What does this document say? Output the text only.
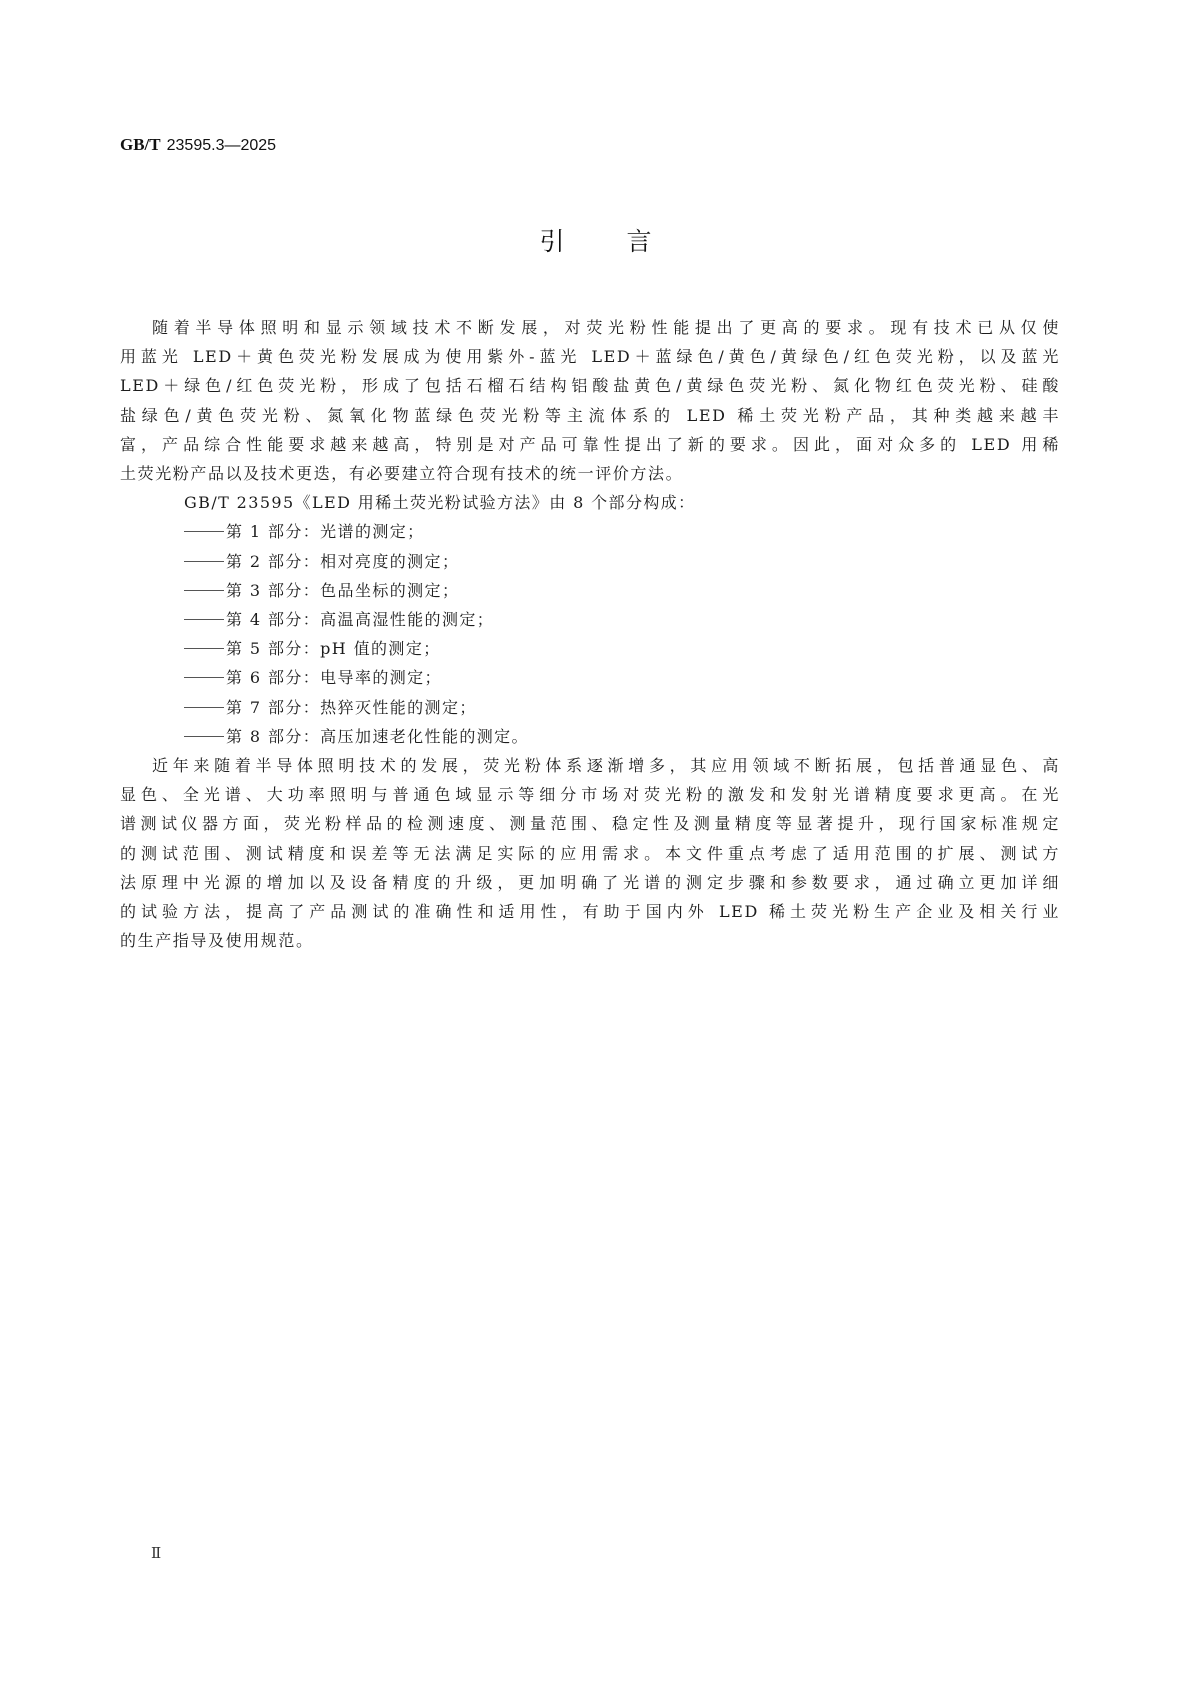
GB/T 23595.3—2025
引 言
随着半导体照明和显示领域技术不断发展，对荧光粉性能提出了更高的要求。现有技术已从仅使
用蓝光 LED＋黄色荧光粉发展成为使用紫外-蓝光 LED＋蓝绿色/黄色/黄绿色/红色荧光粉，以及蓝光
LED＋绿色/红色荧光粉，形成了包括石榴石结构铝酸盐黄色/黄绿色荧光粉、氮化物红色荧光粉、硅酸
盐绿色/黄色荧光粉、氮氧化物蓝绿色荧光粉等主流体系的 LED 稀土荧光粉产品，其种类越来越丰
富，产品综合性能要求越来越高，特别是对产品可靠性提出了新的要求。因此，面对众多的 LED 用稀
土荧光粉产品以及技术更迭，有必要建立符合现有技术的统一评价方法。
GB/T 23595《LED 用稀土荧光粉试验方法》由 8 个部分构成：
第 1 部分：光谱的测定；
第 2 部分：相对亮度的测定；
第 3 部分：色品坐标的测定；
第 4 部分：高温高湿性能的测定；
第 5 部分：pH 值的测定；
第 6 部分：电导率的测定；
第 7 部分：热猝灭性能的测定；
第 8 部分：高压加速老化性能的测定。
近年来随着半导体照明技术的发展，荧光粉体系逐渐增多，其应用领域不断拓展，包括普通显色、高
显色、全光谱、大功率照明与普通色域显示等细分市场对荧光粉的激发和发射光谱精度要求更高。在光
谱测试仪器方面，荧光粉样品的检测速度、测量范围、稳定性及测量精度等显著提升，现行国家标准规定
的测试范围、测试精度和误差等无法满足实际的应用需求。本文件重点考虑了适用范围的扩展、测试方
法原理中光源的增加以及设备精度的升级，更加明确了光谱的测定步骤和参数要求，通过确立更加详细
的试验方法，提高了产品测试的准确性和适用性，有助于国内外 LED 稀土荧光粉生产企业及相关行业
的生产指导及使用规范。
Ⅱ
